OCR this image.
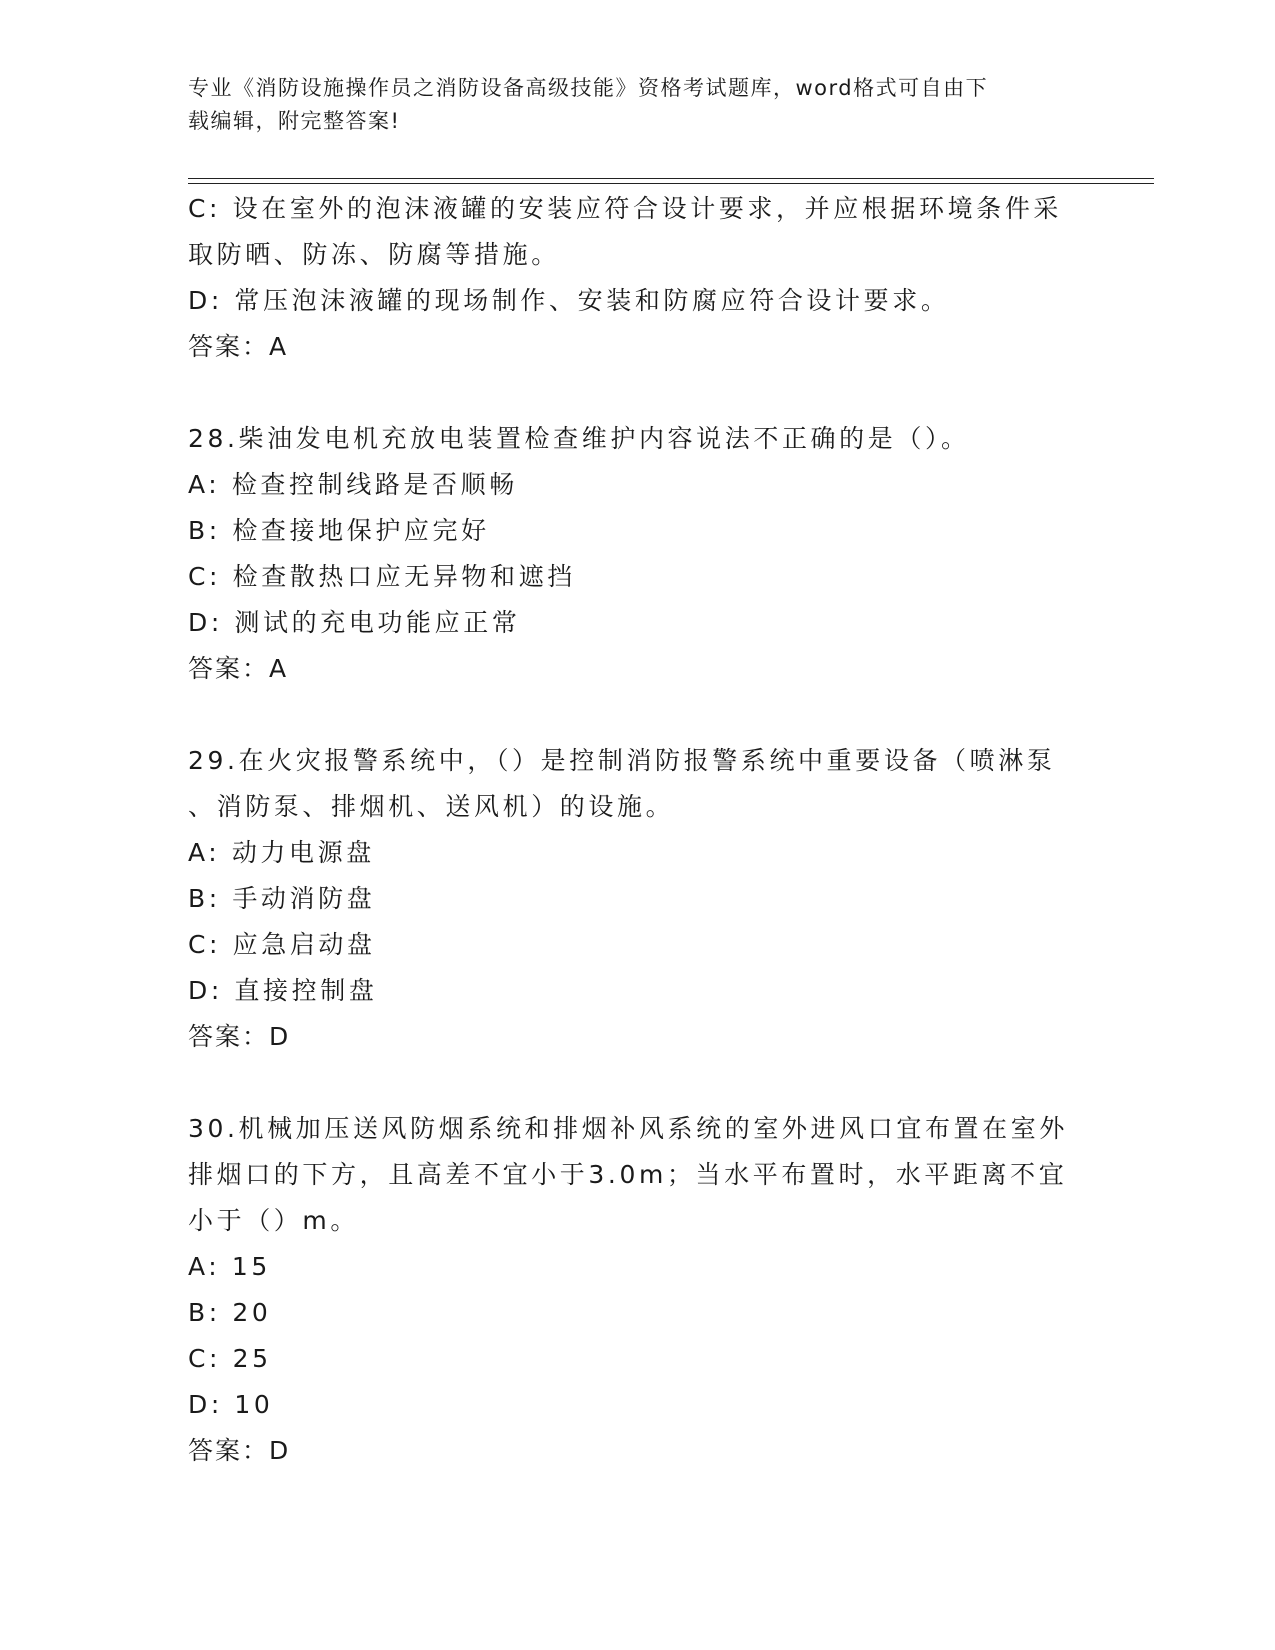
专业《消防设施操作员之消防设备高级技能》资格考试题库，word格式可自由下
载编辑，附完整答案!
C: 设在室外的泡沫液罐的安装应符合设计要求，并应根据环境条件采
取防晒、防冻、防腐等措施。
D: 常压泡沫液罐的现场制作、安装和防腐应符合设计要求。
答案：A
28.柴油发电机充放电装置检查维护内容说法不正确的是（）。
A: 检查控制线路是否顺畅
B: 检查接地保护应完好
C: 检查散热口应无异物和遮挡
D: 测试的充电功能应正常
答案：A
29.在火灾报警系统中，（）是控制消防报警系统中重要设备（喷淋泵
、消防泵、排烟机、送风机）的设施。
A: 动力电源盘
B: 手动消防盘
C: 应急启动盘
D: 直接控制盘
答案：D
30.机械加压送风防烟系统和排烟补风系统的室外进风口宜布置在室外
排烟口的下方，且高差不宜小于3.0m；当水平布置时，水平距离不宜
小于（）m。
A: 15
B: 20
C: 25
D: 10
答案：D
